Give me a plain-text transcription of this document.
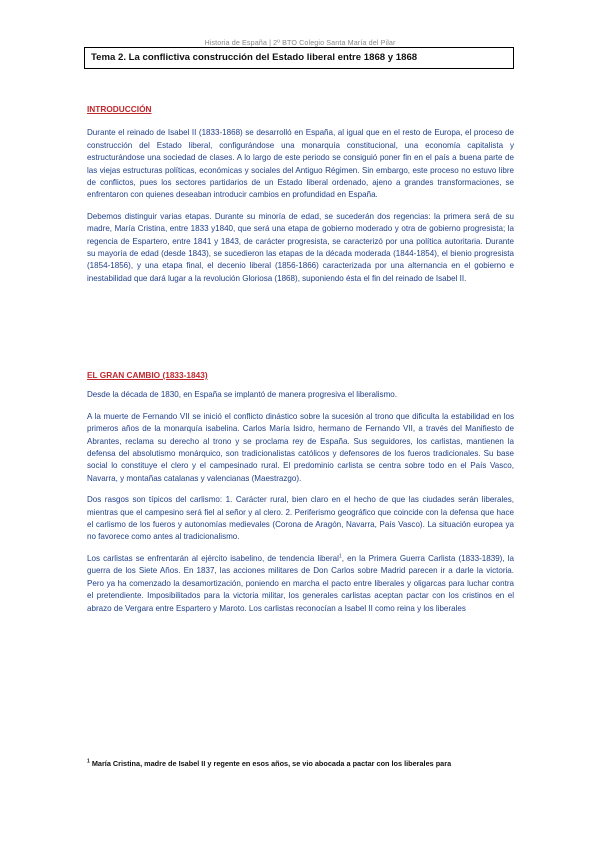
Historia de España | 2º BTO Colegio Santa María del Pilar
Tema 2. La conflictiva construcción del Estado liberal entre 1868 y 1868
INTRODUCCIÓN

Durante el reinado de Isabel II (1833-1868) se desarrolló en España, al igual que en el resto de Europa, el proceso de construcción del Estado liberal, configurándose una monarquía constitucional, una economía capitalista y estructurándose una sociedad de clases. A lo largo de este periodo se consiguió poner fin en el país a buena parte de las viejas estructuras políticas, económicas y sociales del Antiguo Régimen. Sin embargo, este proceso no estuvo libre de conflictos, pues los sectores partidarios de un Estado liberal ordenado, ajeno a grandes transformaciones, se enfrentaron con quienes deseaban introducir cambios en profundidad en España.

Debemos distinguir varias etapas. Durante su minoría de edad, se sucederán dos regencias: la primera será de su madre, María Cristina, entre 1833 y1840, que será una etapa de gobierno moderado y otra de gobierno progresista; la regencia de Espartero, entre 1841 y 1843, de carácter progresista, se caracterizó por una política autoritaria. Durante su mayoría de edad (desde 1843), se sucedieron las etapas de la década moderada (1844-1854), el bienio progresista (1854-1856), y una etapa final, el decenio liberal (1856-1866) caracterizada por una alternancia en el gobierno e inestabilidad que dará lugar a la revolución Gloriosa (1868), suponiendo ésta el fin del reinado de Isabel II.

EL GRAN CAMBIO (1833-1843)

Desde la década de 1830, en España se implantó de manera progresiva el liberalismo.

A la muerte de Fernando VII se inició el conflicto dinástico sobre la sucesión al trono que dificulta la estabilidad en los primeros años de la monarquía isabelina. Carlos María Isidro, hermano de Fernando VII, a través del Manifiesto de Abrantes, reclama su derecho al trono y se proclama rey de España. Sus seguidores, los carlistas, mantienen la defensa del absolutismo monárquico, son tradicionalistas católicos y defensores de los fueros tradicionales. Su base social lo constituye el clero y el campesinado rural. El predominio carlista se centra sobre todo en el País Vasco, Navarra, y montañas catalanas y valencianas (Maestrazgo).

Dos rasgos son típicos del carlismo: 1. Carácter rural, bien claro en el hecho de que las ciudades serán liberales, mientras que el campesino será fiel al señor y al clero. 2. Periferismo geográfico que coincide con la defensa que hace el carlismo de los fueros y autonomías medievales (Corona de Aragón, Navarra, País Vasco). La situación europea ya no favorece como antes al tradicionalismo.

Los carlistas se enfrentarán al ejército isabelino, de tendencia liberal$^1$, en la Primera Guerra Carlista (1833-1839), la guerra de los Siete Años. En 1837, las acciones militares de Don Carlos sobre Madrid parecen ir a darle la victoria. Pero ya ha comenzado la desamortización, poniendo en marcha el pacto entre liberales y oligarcas para luchar contra el pretendiente. Imposibilitados para la victoria militar, los generales carlistas aceptan pactar con los cristinos en el abrazo de Vergara entre Espartero y Maroto. Los carlistas reconocían a Isabel II como reina y los liberales

$^1$ María Cristina, madre de Isabel II y regente en esos años, se vio abocada a pactar con los liberales para
